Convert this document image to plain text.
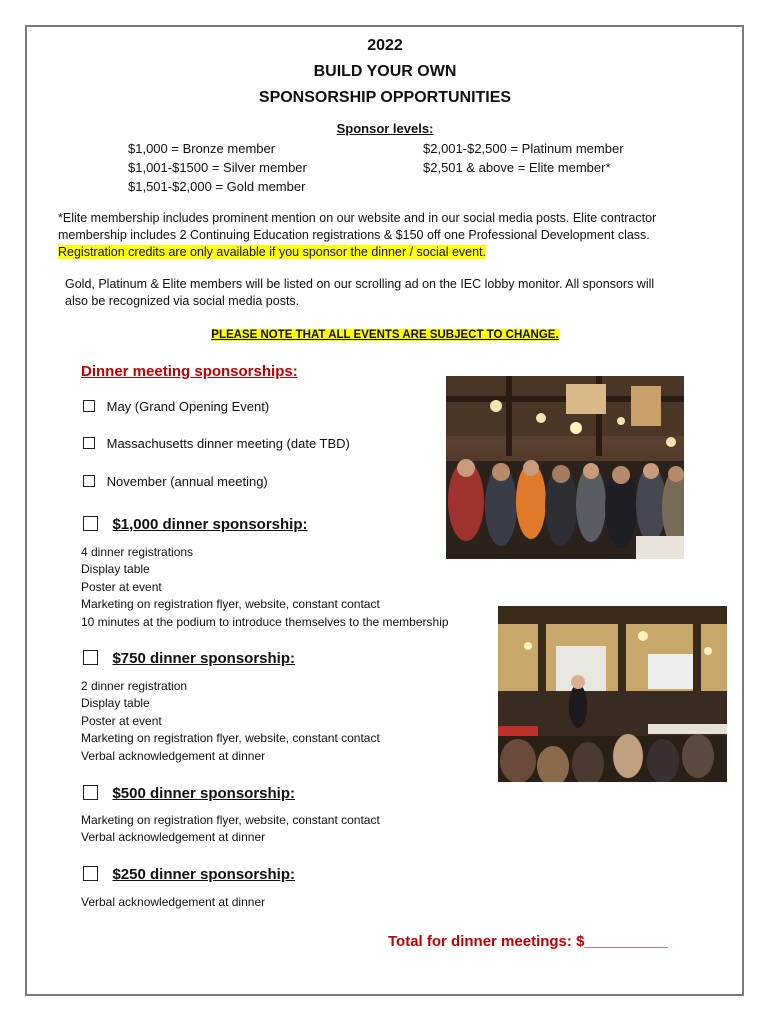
2022
BUILD YOUR OWN
SPONSORSHIP OPPORTUNITIES
Sponsor levels:
$1,000 = Bronze member
$1,001-$1500 = Silver member
$1,501-$2,000 = Gold member
$2,001-$2,500 = Platinum member
$2,501 & above = Elite member*
*Elite membership includes prominent mention on our website and in our social media posts. Elite contractor
membership includes 2 Continuing Education registrations & $150 off one Professional Development class.
Registration credits are only available if you sponsor the dinner / social event.
Gold, Platinum & Elite members will be listed on our scrolling ad on the IEC lobby monitor. All sponsors will
also be recognized via social media posts.
PLEASE NOTE THAT ALL EVENTS ARE SUBJECT TO CHANGE.
Dinner meeting sponsorships:
May (Grand Opening Event)
Massachusetts dinner meeting (date TBD)
November (annual meeting)
$1,000 dinner sponsorship:
4 dinner registrations
Display table
Poster at event
Marketing on registration flyer, website, constant contact
10 minutes at the podium to introduce themselves to the membership
$750 dinner sponsorship:
2 dinner registration
Display table
Poster at event
Marketing on registration flyer, website, constant contact
Verbal acknowledgement at dinner
$500 dinner sponsorship:
Marketing on registration flyer, website, constant contact
Verbal acknowledgement at dinner
$250 dinner sponsorship:
Verbal acknowledgement at dinner
Total for dinner meetings: $__________
